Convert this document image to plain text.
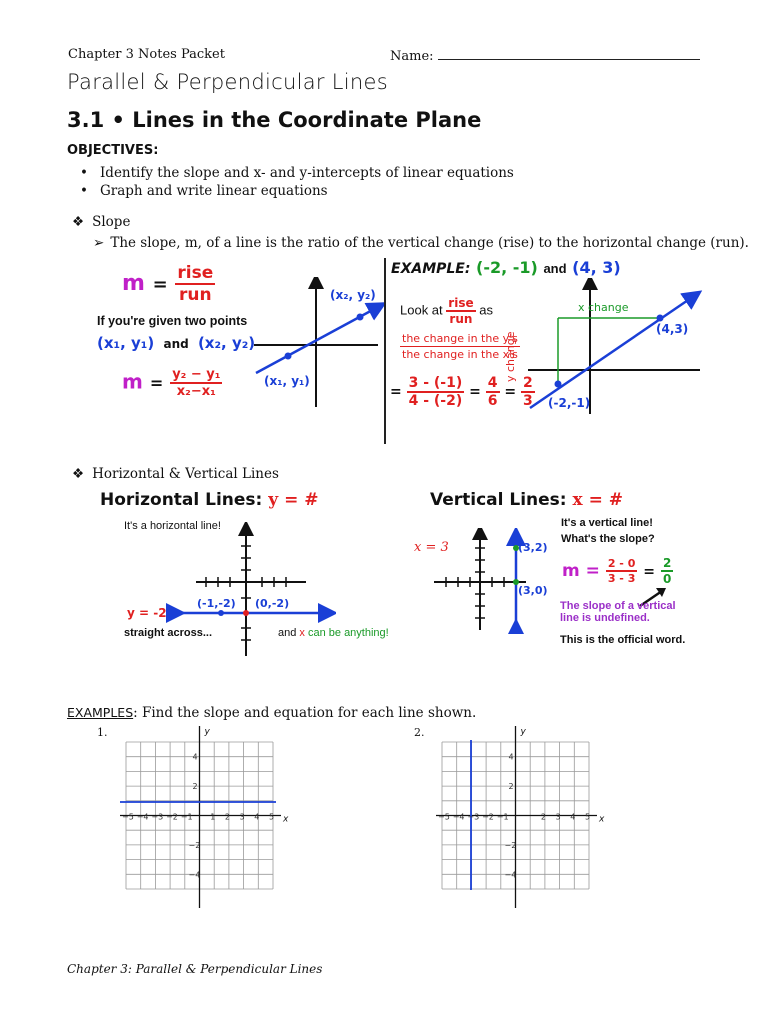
Chapter 3 Notes Packet	Name:
Parallel & Perpendicular Lines
3.1 • Lines in the Coordinate Plane
OBJECTIVES:
• Identify the slope and x- and y-intercepts of linear equations
• Graph and write linear equations
❖ Slope
➢ The slope, m, of a line is the ratio of the vertical change (rise) to the horizontal change (run).
$m = \frac{\text{rise}}{\text{run}}$
If you're given two points
(x₁, y₁) and (x₂, y₂)
$m = \frac{\text{y₂ − y₁}}{\text{x₂−x₁}}$
(x₂, y₂)
(x₁, y₁)
EXAMPLE: (-2, -1) and (4, 3)
Look at $\frac{\text{rise}}{\text{run}}$ as
$\frac{\text{the change in the y's}}{\text{the change in the x's}}$
= $\frac{3 - (-1)}{4 - (-2)} = \frac{4}{6} = \frac{2}{3}$
x change
y change
(4,3)
(-2,-1)
❖ Horizontal & Vertical Lines
Horizontal Lines: y = #
It's a horizontal line!
(-1,-2) (0,-2)
y = -2
straight across...	and x can be anything!
Vertical Lines: x = #
x = 3	(3,2)
(3,0)
It's a vertical line!
What's the slope?
$m = \frac{2 - 0}{3 - 3} = \frac{2}{0}$
The slope of a vertical
line is undefined.
This is the official word.
EXAMPLES: Find the slope and equation for each line shown.
1.	2.
x
y
−5 −4 −3 −2 −1 1 2 3 4 5
4
2
−2
−4
x
y
−5 −4 −3 −2 −1	2 3 4 5
4
2
−2
−4
Chapter 3: Parallel & Perpendicular Lines
